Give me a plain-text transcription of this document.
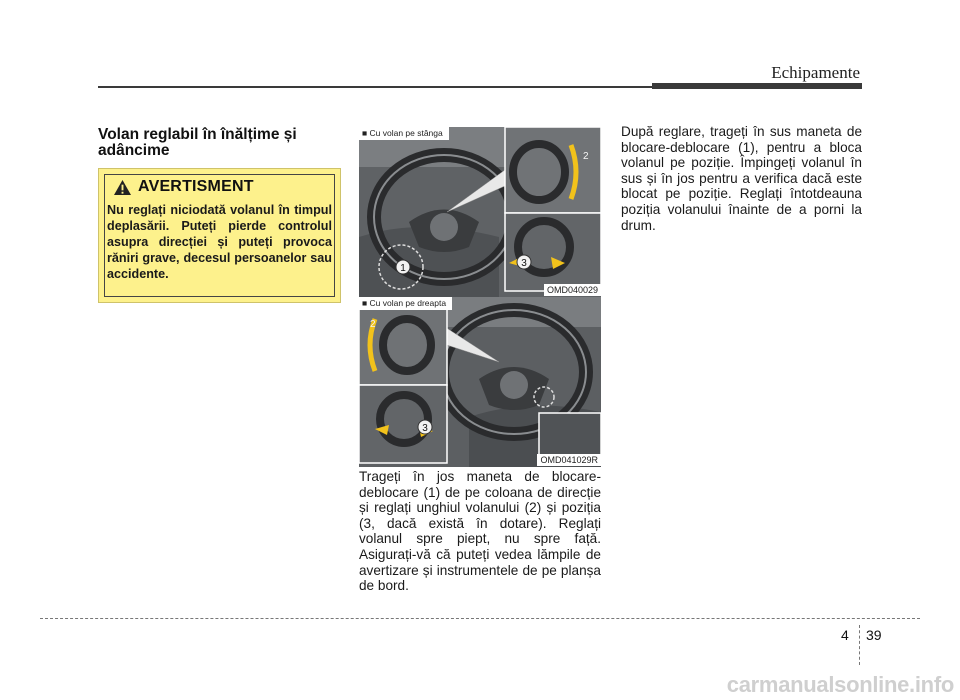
Echipamente
Volan reglabil în înălțime și adâncime
AVERTISMENT
Nu reglați niciodată volanul în timpul deplasării. Puteți pierde controlul asupra direcției și puteți provoca răniri grave, decesul persoanelor sau accidente.	1
2
3
■ Cu volan pe stânga
OMD040029
2
3
■ Cu volan pe dreapta
OMD041029R
Trageți în jos maneta de blocare-deblocare (1) de pe coloana de direcție și reglați unghiul volanului (2) și poziția (3, dacă există în dotare). Reglați volanul spre piept, nu spre față. Asigurați-vă că puteți vedea lămpile de avertizare și instrumentele de pe planșa de bord.
După reglare, trageți în sus maneta de blocare-deblocare (1), pentru a bloca volanul pe poziție. Împingeți volanul în sus și în jos pentru a verifica dacă este blocat pe poziție. Reglați întotdeauna poziția volanului înainte de a porni la drum.
4 39
carmanualsonline.info
